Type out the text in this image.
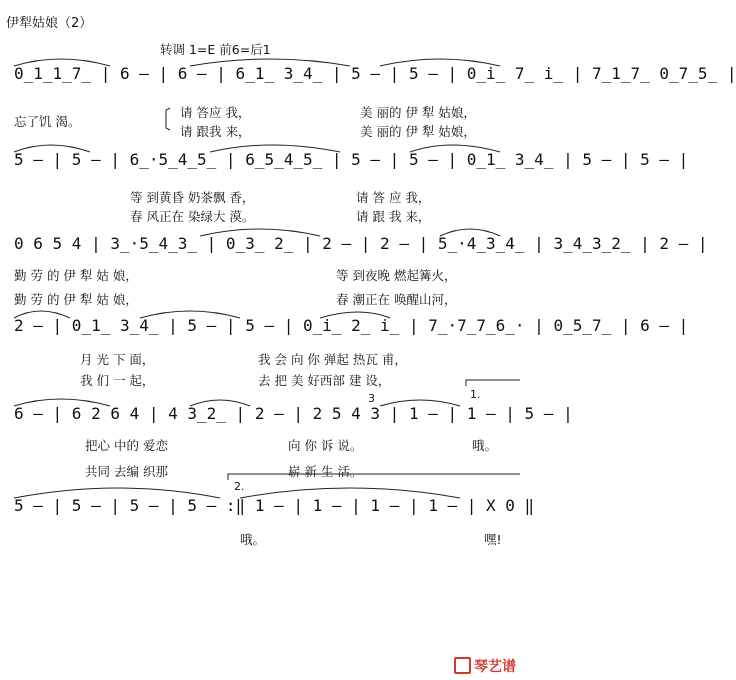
伊犁姑娘（2）
转调 1=E 前6=后1
0̲1̲1̲7̲ | 6 – | 6 – | 6̲1̲ 3̲4̲ | 5 – | 5 – | 0̲i̲ 7̲ i̲ | 7̲1̲7̲ 0̲7̲5̲ |
忘了饥 渴。
请 答应 我，
请 跟我 来，
美 丽的 伊 犁 姑娘，
美 丽的 伊 犁 姑娘，
5 – | 5 – | 6̲·5̲4̲5̲ | 6̲5̲4̲5̲ | 5 – | 5 – | 0̲1̲ 3̲4̲ | 5 – | 5 – |
等 到黄昏 奶茶飘 香，
春 风正在 染绿大 漠。
请 答 应 我，
请 跟 我 来，
0 6 5 4 | 3̲·5̲4̲3̲ | 0̲3̲ 2̲ | 2 – | 2 – | 5̲·4̲3̲4̲ | 3̲4̲3̲2̲ | 2 – |
勤 劳 的 伊 犁 姑 娘，
勤 劳 的 伊 犁 姑 娘，
等 到夜晚 燃起篝火，
春 潮正在 唤醒山河，
2 – | 0̲1̲ 3̲4̲ | 5 – | 5 – | 0̲i̲ 2̲ i̲ | 7̲·7̲7̲6̲· | 0̲5̲7̲ | 6 – |
月 光 下 面，
我 们 一 起，
我 会 向 你 弹起 热瓦 甫，
去 把 美 好西部 建 设，
6 – | 6 2 6 4 | 4 3̲2̲ | 2 – | 2 5 4 3 | 1 – | 1 – | 5 – |
把心 中的 爱恋
共同 去编 织那
向 你 诉 说。
崭 新 生 活。
哦。
5 – | 5 – | 5 – | 5 – :‖ 1 – | 1 – | 1 – | 1 – | X 0 ‖
哦。	嘿!
3	1.
2.
琴艺谱
